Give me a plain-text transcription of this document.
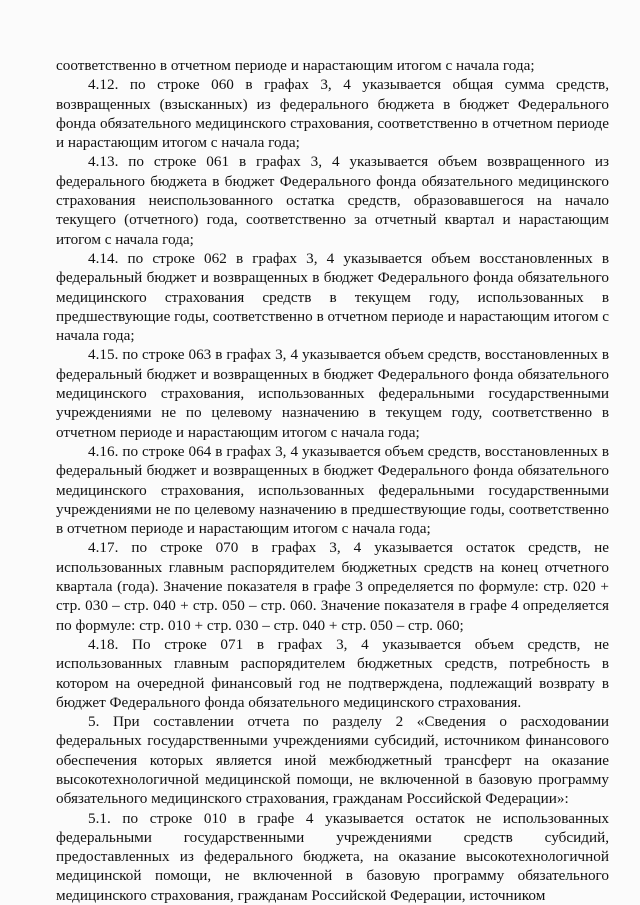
соответственно в отчетном периоде и нарастающим итогом с начала года;

4.12. по строке 060 в графах 3, 4 указывается общая сумма средств, возвращенных (взысканных) из федерального бюджета в бюджет Федерального фонда обязательного медицинского страхования, соответственно в отчетном периоде и нарастающим итогом с начала года;

4.13. по строке 061 в графах 3, 4 указывается объем возвращенного из федерального бюджета в бюджет Федерального фонда обязательного медицинского страхования неиспользованного остатка средств, образовавшегося на начало текущего (отчетного) года, соответственно за отчетный квартал и нарастающим итогом с начала года;

4.14. по строке 062 в графах 3, 4 указывается объем восстановленных в федеральный бюджет и возвращенных в бюджет Федерального фонда обязательного медицинского страхования средств в текущем году, использованных в предшествующие годы, соответственно в отчетном периоде и нарастающим итогом с начала года;

4.15. по строке 063 в графах 3, 4 указывается объем средств, восстановленных в федеральный бюджет и возвращенных в бюджет Федерального фонда обязательного медицинского страхования, использованных федеральными государственными учреждениями не по целевому назначению в текущем году, соответственно в отчетном периоде и нарастающим итогом с начала года;

4.16. по строке 064 в графах 3, 4 указывается объем средств, восстановленных в федеральный бюджет и возвращенных в бюджет Федерального фонда обязательного медицинского страхования, использованных федеральными государственными учреждениями не по целевому назначению в предшествующие годы, соответственно в отчетном периоде и нарастающим итогом с начала года;

4.17. по строке 070 в графах 3, 4 указывается остаток средств, не использованных главным распорядителем бюджетных средств на конец отчетного квартала (года). Значение показателя в графе 3 определяется по формуле: стр. 020 + стр. 030 – стр. 040 + стр. 050 – стр. 060. Значение показателя в графе 4 определяется по формуле: стр. 010 + стр. 030 – стр. 040 + стр. 050 – стр. 060;

4.18. По строке 071 в графах 3, 4 указывается объем средств, не использованных главным распорядителем бюджетных средств, потребность в котором на очередной финансовый год не подтверждена, подлежащий возврату в бюджет Федерального фонда обязательного медицинского страхования.

5. При составлении отчета по разделу 2 «Сведения о расходовании федеральных государственными учреждениями субсидий, источником финансового обеспечения которых является иной межбюджетный трансферт на оказание высокотехнологичной медицинской помощи, не включенной в базовую программу обязательного медицинского страхования, гражданам Российской Федерации»:

5.1. по строке 010 в графе 4 указывается остаток не использованных федеральными государственными учреждениями средств субсидий, предоставленных из федерального бюджета, на оказание высокотехнологичной медицинской помощи, не включенной в базовую программу обязательного медицинского страхования, гражданам Российской Федерации, источником
